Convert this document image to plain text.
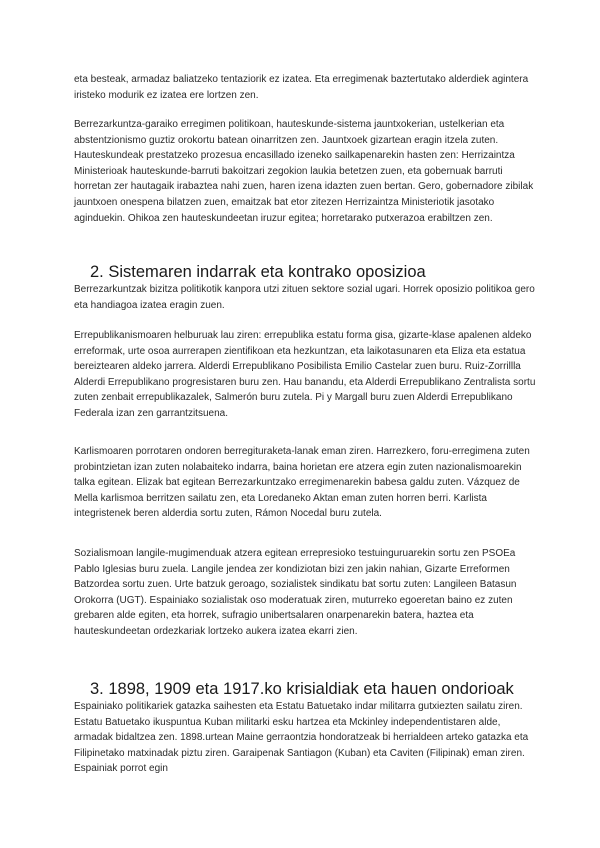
eta besteak, armadaz baliatzeko tentaziorik ez izatea. Eta erregimenak baztertutako alderdiek agintera iristeko modurik ez izatea ere lortzen zen.

Berrezarkuntza-garaiko erregimen politikoan, hauteskunde-sistema jauntxokerian, ustelkerian eta abstentzionismo guztiz orokortu batean oinarritzen zen. Jauntxoek gizartean eragin itzela zuten. Hauteskundeak prestatzeko prozesua encasillado izeneko sailkapenarekin hasten zen: Herrizaintza Ministerioak hauteskunde-barruti bakoitzari zegokion laukia betetzen zuen, eta gobernuak barruti horretan zer hautagaik irabaztea nahi zuen, haren izena idazten zuen bertan. Gero, gobernadore zibilak jauntxoen onespena bilatzen zuen, emaitzak bat etor zitezen Herrizaintza Ministeriotik jasotako aginduekin. Ohikoa zen hauteskundeetan iruzur egitea; horretarako putxerazoa erabiltzen zen.

2. Sistemaren indarrak eta kontrako oposizioa

Berrezarkuntzak bizitza politikotik kanpora utzi zituen sektore sozial ugari. Horrek oposizio politikoa gero eta handiagoa izatea eragin zuen.

Errepublikanismoaren helburuak lau ziren: errepublika estatu forma gisa, gizarte-klase apalenen aldeko erreformak, urte osoa aurrerapen zientifikoan eta hezkuntzan, eta laikotasunaren eta Eliza eta estatua bereiztearen aldeko jarrera. Alderdi Errepublikano Posibilista Emilio Castelar zuen buru. Ruiz-Zorrillla Alderdi Errepublikano progresistaren buru zen. Hau banandu, eta Alderdi Errepublikano Zentralista sortu zuten zenbait errepublikazalek, Salmerón buru zutela. Pi y Margall buru zuen Alderdi Errepublikano Federala izan zen garrantzitsuena.

Karlismoaren porrotaren ondoren berregituraketa-lanak eman ziren. Harrezkero, foru-erregimena zuten probintzietan izan zuten nolabaiteko indarra, baina horietan ere atzera egin zuten nazionalismoarekin talka egitean. Elizak bat egitean Berrezarkuntzako erregimenarekin babesa galdu zuten. Vázquez de Mella karlismoa berritzen sailatu zen, eta Loredaneko Aktan eman zuten horren berri. Karlista integristenek beren alderdia sortu zuten, Rámon Nocedal buru zutela.

Sozialismoan langile-mugimenduak atzera egitean errepresioko testuinguruarekin sortu zen PSOEa Pablo Iglesias buru zuela. Langile jendea zer kondiziotan bizi zen jakin nahian, Gizarte Erreformen Batzordea sortu zuen. Urte batzuk geroago, sozialistek sindikatu bat sortu zuten: Langileen Batasun Orokorra (UGT). Espainiako sozialistak oso moderatuak ziren, muturreko egoeretan baino ez zuten grebaren alde egiten, eta horrek, sufragio unibertsalaren onarpenarekin batera, haztea eta hauteskundeetan ordezkariak lortzeko aukera izatea ekarri zien.

3. 1898, 1909 eta 1917.ko krisialdiak eta hauen ondorioak

Espainiako politikariek gatazka saihesten eta Estatu Batuetako indar militarra gutxiezten sailatu ziren. Estatu Batuetako ikuspuntua Kuban militarki esku hartzea eta Mckinley independentistaren alde, armadak bidaltzea zen. 1898.urtean Maine gerraontzia hondoratzeak bi herrialdeen arteko gatazka eta Filipinetako matxinadak piztu ziren. Garaipenak Santiagon (Kuban) eta Caviten (Filipinak) eman ziren. Espainiak porrot egin
